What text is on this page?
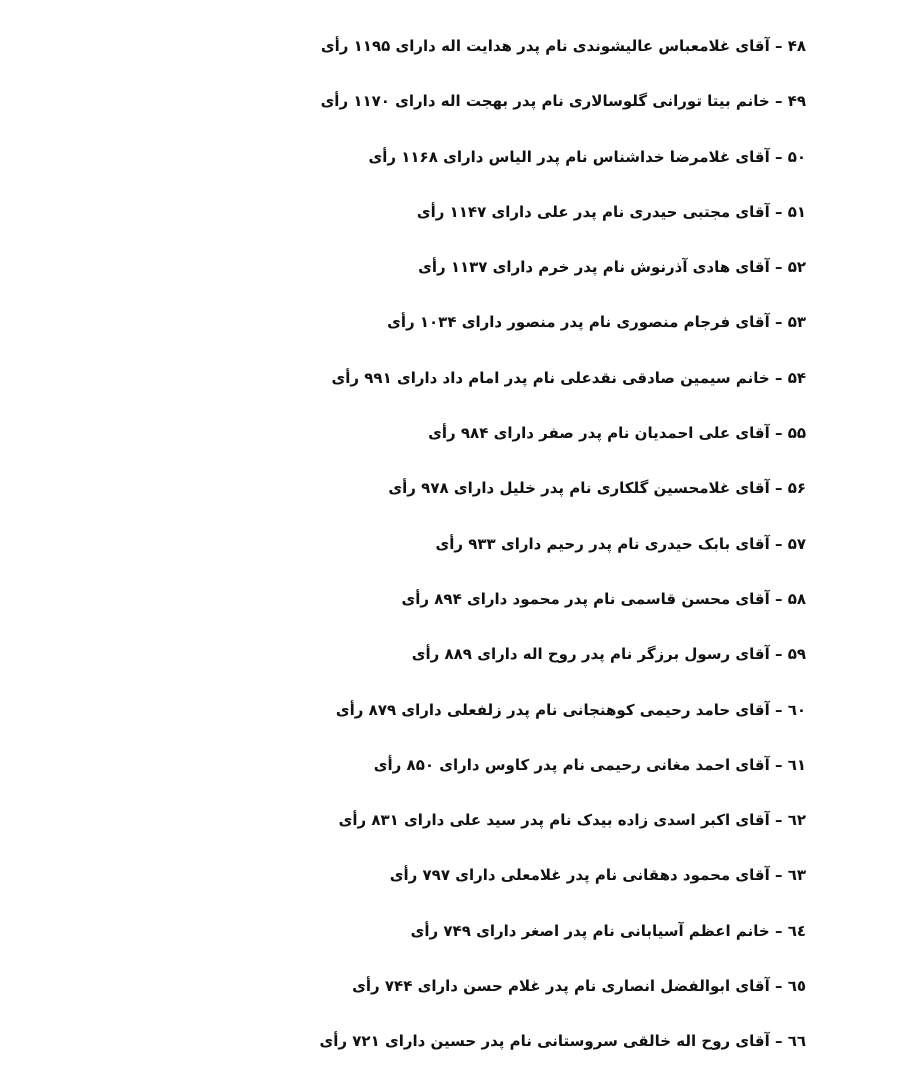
۴۸ – آقای غلامعباس عالیشوندی نام پدر هدایت اله دارای ۱۱۹۵ رأی
۴۹ – خانم بیتا تورانی گلوسالاری نام پدر بهجت اله دارای ۱۱۷۰ رأی
۵۰ – آقای غلامرضا خداشناس نام پدر الیاس دارای ۱۱۶۸ رأی
۵۱ – آقای مجتبی حیدری نام پدر علی دارای ۱۱۴۷ رأی
۵۲ – آقای هادی آذرنوش نام پدر خرم دارای ۱۱۳۷ رأی
۵۳ – آقای فرجام منصوری نام پدر منصور دارای ۱۰۳۴ رأی
۵۴ – خانم سیمین صادقی نقدعلی نام پدر امام داد دارای ۹۹۱ رأی
۵۵ – آقای علی احمدیان نام پدر صفر دارای ۹۸۴ رأی
۵۶ – آقای غلامحسین گلکاری نام پدر خلیل دارای ۹۷۸ رأی
۵۷ – آقای بابک حیدری نام پدر رحیم دارای ۹۳۳ رأی
۵۸ – آقای محسن قاسمی نام پدر محمود دارای ۸۹۴ رأی
۵۹ – آقای رسول برزگر نام پدر روح اله دارای ۸۸۹ رأی
٦۰ – آقای حامد رحیمی کوهنجانی نام پدر زلفعلی دارای ۸۷۹ رأی
٦۱ – آقای احمد مغانی رحیمی نام پدر کاوس دارای ۸۵۰ رأی
٦۲ – آقای اکبر اسدی زاده بیدک نام پدر سید علی دارای ۸۳۱ رأی
٦۳ – آقای محمود دهقانی نام پدر غلامعلی دارای ۷۹۷ رأی
٦٤ – خانم اعظم آسیابانی نام پدر اصغر دارای ۷۴۹ رأی
٦٥ – آقای ابوالفضل انصاری نام پدر غلام حسن دارای ۷۴۴ رأی
٦٦ – آقای روح اله خالقی سروستانی نام پدر حسین دارای ۷۲۱ رأی
